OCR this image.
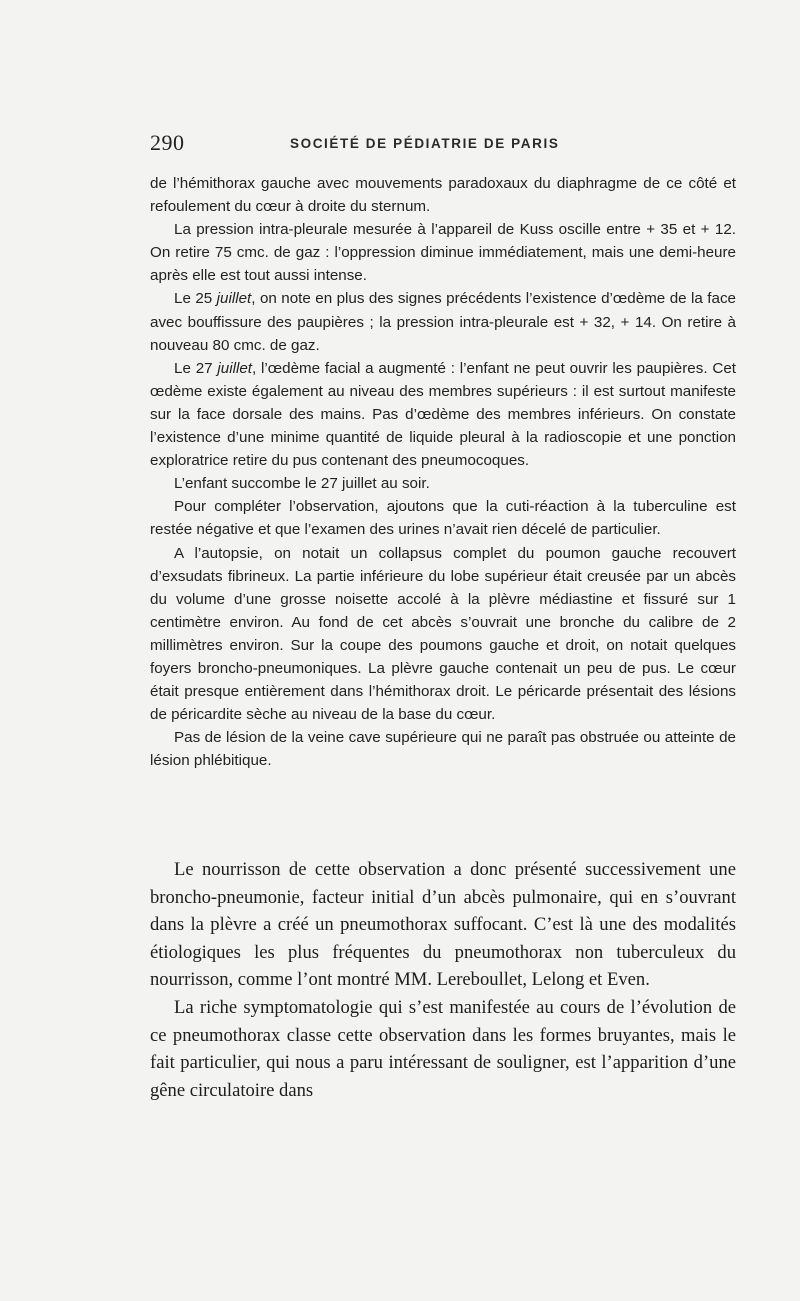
290	SOCIÉTÉ DE PÉDIATRIE DE PARIS

de l’hémithorax gauche avec mouvements paradoxaux du diaphragme de ce côté et refoulement du cœur à droite du sternum.

La pression intra-pleurale mesurée à l’appareil de Kuss oscille entre + 35 et + 12. On retire 75 cmc. de gaz : l’oppression diminue immédiatement, mais une demi-heure après elle est tout aussi intense.

Le 25 juillet, on note en plus des signes précédents l’existence d’œdème de la face avec bouffissure des paupières ; la pression intra-pleurale est + 32, + 14. On retire à nouveau 80 cmc. de gaz.

Le 27 juillet, l’œdème facial a augmenté : l’enfant ne peut ouvrir les paupières. Cet œdème existe également au niveau des membres supérieurs : il est surtout manifeste sur la face dorsale des mains. Pas d’œdème des membres inférieurs. On constate l’existence d’une minime quantité de liquide pleural à la radioscopie et une ponction exploratrice retire du pus contenant des pneumocoques.

L’enfant succombe le 27 juillet au soir.

Pour compléter l’observation, ajoutons que la cuti-réaction à la tuberculine est restée négative et que l’examen des urines n’avait rien décelé de particulier.

A l’autopsie, on notait un collapsus complet du poumon gauche recouvert d’exsudats fibrineux. La partie inférieure du lobe supérieur était creusée par un abcès du volume d’une grosse noisette accolé à la plèvre médiastine et fissuré sur 1 centimètre environ. Au fond de cet abcès s’ouvrait une bronche du calibre de 2 millimètres environ. Sur la coupe des poumons gauche et droit, on notait quelques foyers broncho-pneumoniques. La plèvre gauche contenait un peu de pus. Le cœur était presque entièrement dans l’hémithorax droit. Le péricarde présentait des lésions de péricardite sèche au niveau de la base du cœur.

Pas de lésion de la veine cave supérieure qui ne paraît pas obstruée ou atteinte de lésion phlébitique.

Le nourrisson de cette observation a donc présenté successivement une broncho-pneumonie, facteur initial d’un abcès pulmonaire, qui en s’ouvrant dans la plèvre a créé un pneumothorax suffocant. C’est là une des modalités étiologiques les plus fréquentes du pneumothorax non tuberculeux du nourrisson, comme l’ont montré MM. Lereboullet, Lelong et Even.

La riche symptomatologie qui s’est manifestée au cours de l’évolution de ce pneumothorax classe cette observation dans les formes bruyantes, mais le fait particulier, qui nous a paru intéressant de souligner, est l’apparition d’une gêne circulatoire dans
